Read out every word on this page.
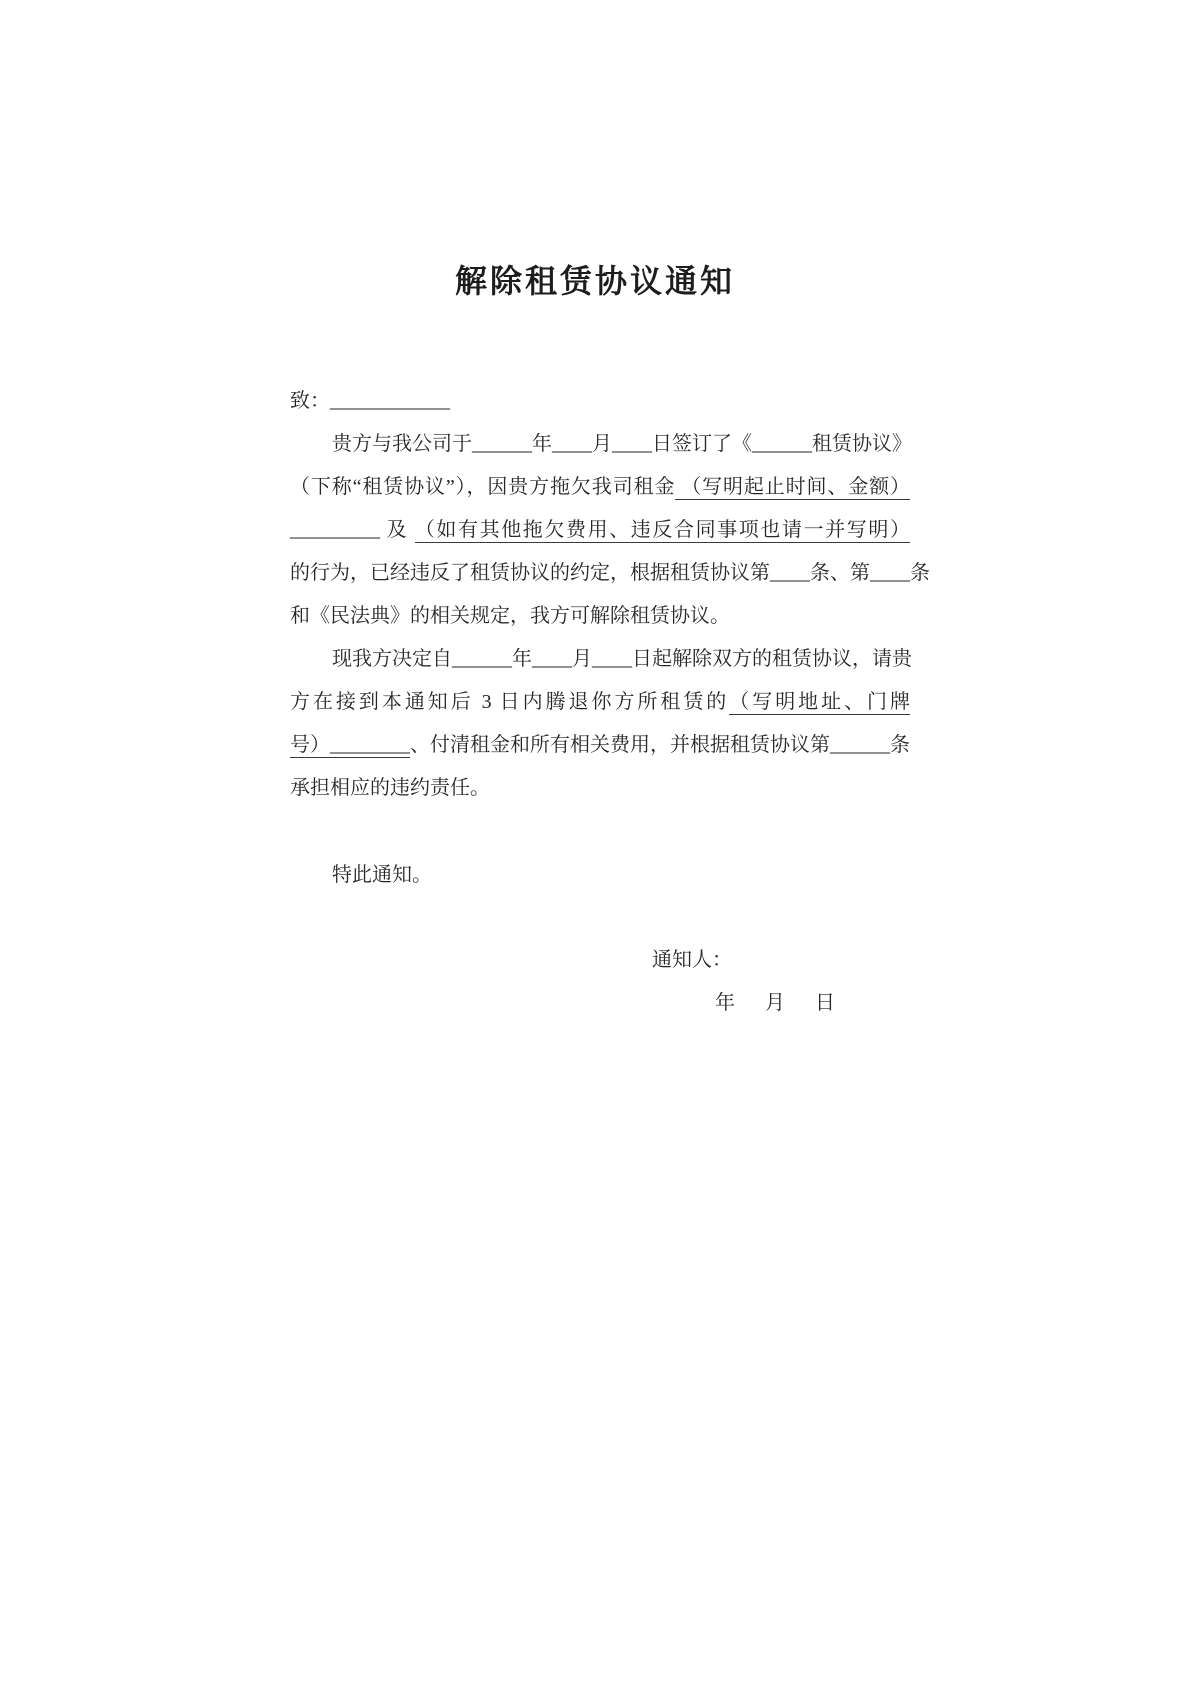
解除租赁协议通知
致：____________
贵方与我公司于______年____月____日签订了《______租赁协议》
（下称“租赁协议”），因贵方拖欠我司租金 （写明起止时间、金额）
_________ 及 （如有其他拖欠费用、违反合同事项也请一并写明）
的行为，已经违反了租赁协议的约定，根据租赁协议第____条、第____条
和《民法典》的相关规定，我方可解除租赁协议。
现我方决定自______年____月____日起解除双方的租赁协议，请贵
方在接到本通知后 3 日内腾退你方所租赁的（写明地址、门牌
号）________、付清租金和所有相关费用，并根据租赁协议第______条
承担相应的违约责任。
特此通知。
通知人：
年      月      日
